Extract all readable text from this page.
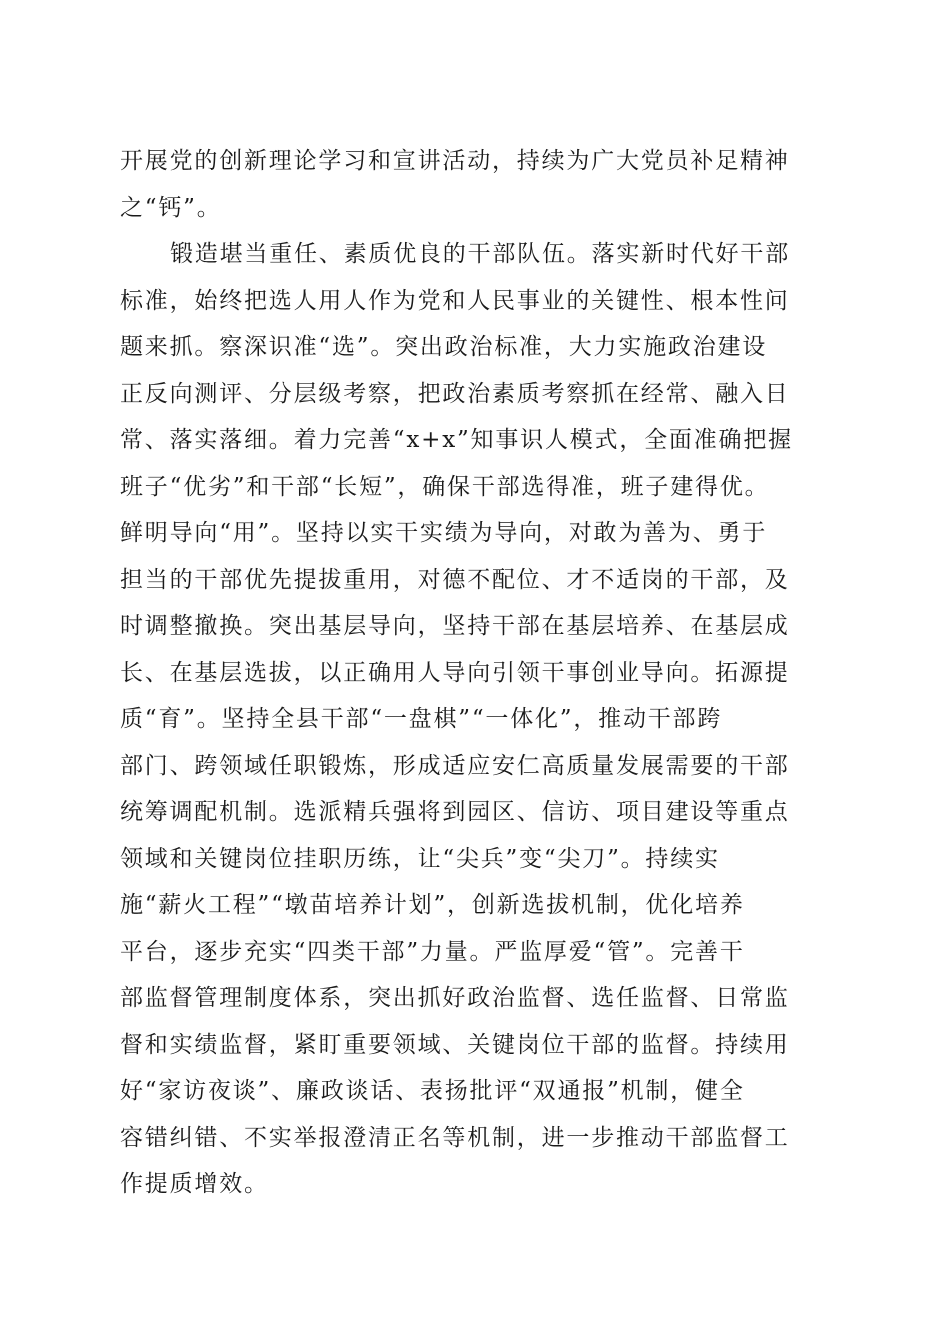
开展党的创新理论学习和宣讲活动，持续为广大党员补足精神
之“钙”。
锻造堪当重任、素质优良的干部队伍。落实新时代好干部
标准，始终把选人用人作为党和人民事业的关键性、根本性问
题来抓。察深识准“选”。突出政治标准，大力实施政治建设
正反向测评、分层级考察，把政治素质考察抓在经常、融入日
常、落实落细。着力完善“x+x”知事识人模式，全面准确把握
班子“优劣”和干部“长短”，确保干部选得准，班子建得优。
鲜明导向“用”。坚持以实干实绩为导向，对敢为善为、勇于
担当的干部优先提拔重用，对德不配位、才不适岗的干部，及
时调整撤换。突出基层导向，坚持干部在基层培养、在基层成
长、在基层选拔，以正确用人导向引领干事创业导向。拓源提
质“育”。坚持全县干部“一盘棋”“一体化”，推动干部跨
部门、跨领域任职锻炼，形成适应安仁高质量发展需要的干部
统筹调配机制。选派精兵强将到园区、信访、项目建设等重点
领域和关键岗位挂职历练，让“尖兵”变“尖刀”。持续实
施“薪火工程”“墩苗培养计划”，创新选拔机制，优化培养
平台，逐步充实“四类干部”力量。严监厚爱“管”。完善干
部监督管理制度体系，突出抓好政治监督、选任监督、日常监
督和实绩监督，紧盯重要领域、关键岗位干部的监督。持续用
好“家访夜谈”、廉政谈话、表扬批评“双通报”机制，健全
容错纠错、不实举报澄清正名等机制，进一步推动干部监督工
作提质增效。
